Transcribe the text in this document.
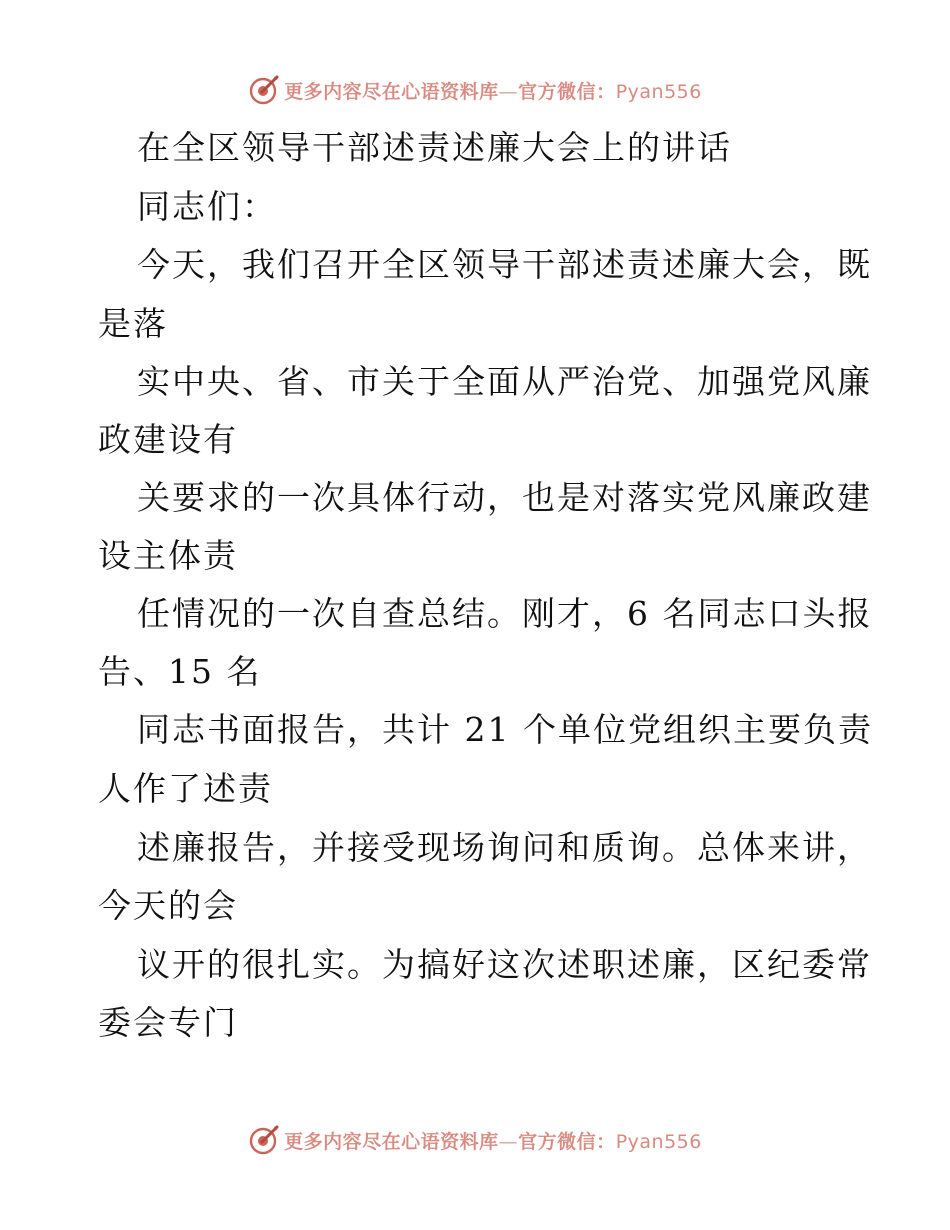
更多内容尽在心语资料库—官方微信：Pyan556
在全区领导干部述责述廉大会上的讲话
同志们：
今天，我们召开全区领导干部述责述廉大会，既
是落
实中央、省、市关于全面从严治党、加强党风廉
政建设有
关要求的一次具体行动，也是对落实党风廉政建
设主体责
任情况的一次自查总结。刚才，6 名同志口头报
告、15 名
同志书面报告，共计 21 个单位党组织主要负责
人作了述责
述廉报告，并接受现场询问和质询。总体来讲，
今天的会
议开的很扎实。为搞好这次述职述廉，区纪委常
委会专门
更多内容尽在心语资料库—官方微信：Pyan556
